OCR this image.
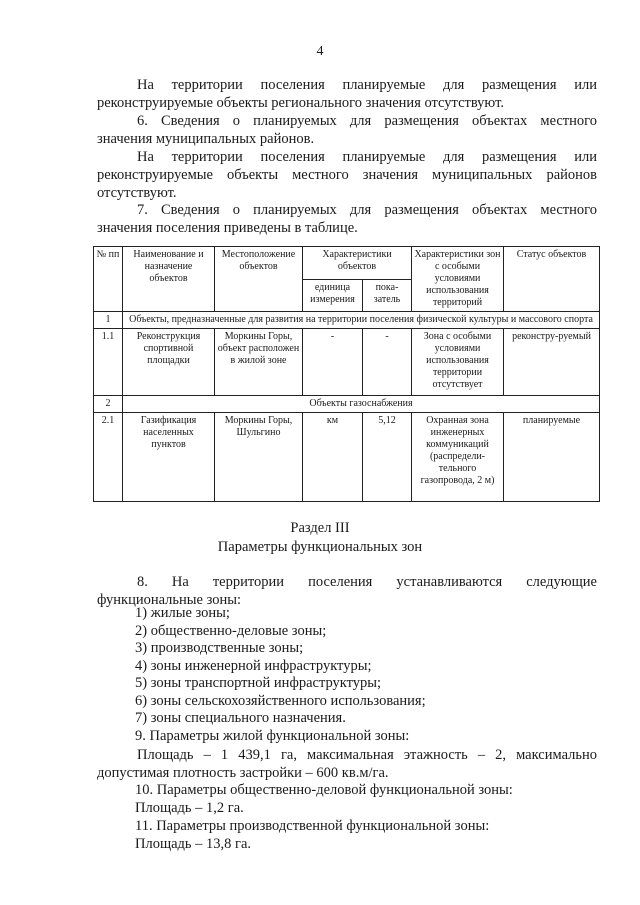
4
На территории поселения планируемые для размещения или
реконструируемые объекты регионального значения отсутствуют.
6. Сведения о планируемых для размещения объектах местного
значения муниципальных районов.
На территории поселения планируемые для размещения или
реконструируемые объекты местного значения муниципальных районов
отсутствуют.
7. Сведения о планируемых для размещения объектах местного
значения поселения приведены в таблице.
№ пп	Наименование и назначение объектов	Местоположение объектов	Характеристики объектов		Характеристики зон с особыми условиями использования территорий	Статус объектов
			единица измерения	пока-затель		
1	Объекты, предназначенные для развития на территории поселения физической культуры и массового спорта					
1.1	Реконструкция спортивной площадки	Моркины Горы, объект расположен в жилой зоне	-	-	Зона с особыми условиями использования территории отсутствует	реконстру-руемый
2	Объекты газоснабжения					
2.1	Газификация населенных пунктов	Моркины Горы, Шульгино	км	5,12	Охранная зона инженерных коммуникаций (распредели-тельного газопровода, 2 м)	планируемые
Раздел III
Параметры функциональных зон
8. На территории поселения устанавливаются следующие
функциональные зоны:
1) жилые зоны;
2) общественно-деловые зоны;
3) производственные зоны;
4) зоны инженерной инфраструктуры;
5) зоны транспортной инфраструктуры;
6) зоны сельскохозяйственного использования;
7) зоны специального назначения.
9. Параметры жилой функциональной зоны:
Площадь – 1 439,1 га, максимальная этажность – 2, максимально
допустимая плотность застройки – 600 кв.м/га.
10. Параметры общественно-деловой функциональной зоны:
Площадь – 1,2 га.
11. Параметры производственной функциональной зоны:
Площадь – 13,8 га.
